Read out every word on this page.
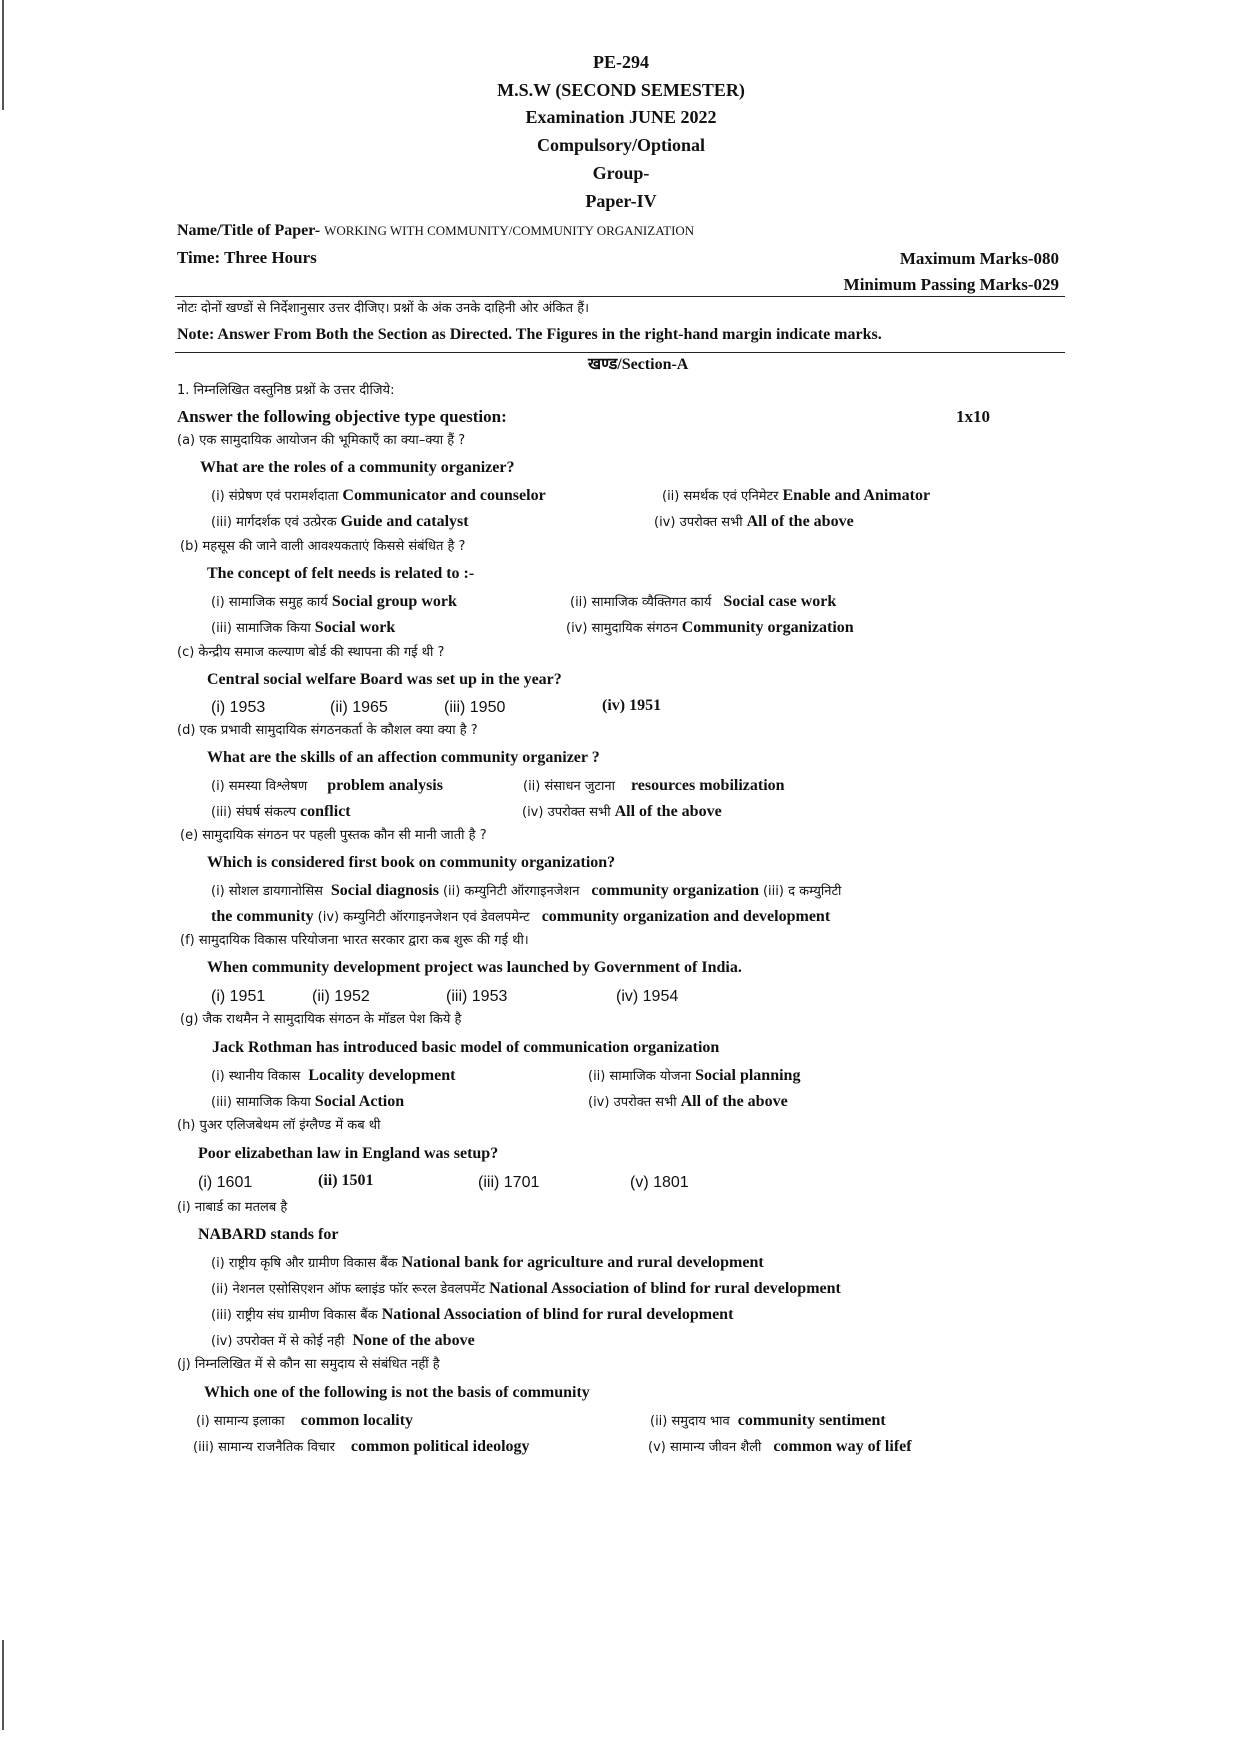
PE-294
M.S.W (SECOND SEMESTER)
Examination JUNE 2022
Compulsory/Optional
Group-
Paper-IV
Name/Title of Paper- WORKING WITH COMMUNITY/COMMUNITY ORGANIZATION
Time: Three Hours	Maximum Marks-080
Minimum Passing Marks-029
नोटः दोनों खण्डों से निर्देशानुसार उत्तर दीजिए। प्रश्नों के अंक उनके दाहिनी ओर अंकित हैं।
Note: Answer From Both the Section as Directed. The Figures in the right-hand margin indicate marks.
खण्ड/Section-A
1. निम्नलिखित वस्तुनिष्ठ प्रश्नों के उत्तर दीजिये:
Answer the following objective type question:	1x10
(a) एक सामुदायिक आयोजन की भूमिकाएँ का क्या–क्या हैं ?
What are the roles of a community organizer?
(i) संप्रेषण एवं परामर्शदाता Communicator and counselor	(ii) समर्थक एवं एनिमेटर Enable and Animator
(iii) मार्गदर्शक एवं उत्प्रेरक Guide and catalyst	(iv) उपरोक्त सभी All of the above
(b) महसूस की जाने वाली आवश्यकताएं किससे संबंधित है ?
The concept of felt needs is related to :-
(i) सामाजिक समुह कार्य Social group work	(ii) सामाजिक व्यैक्तिगत कार्य Social case work
(iii) सामाजिक किया Social work	(iv) सामुदायिक संगठन Community organization
(c) केन्द्रीय समाज कल्याण बोर्ड की स्थापना की गई थी ?
Central social welfare Board was set up in the year?
(i) 1953	(ii) 1965	(iii) 1950	(iv) 1951
(d) एक प्रभावी सामुदायिक संगठनकर्ता के कौशल क्या क्या है ?
What are the skills of an affection community organizer ?
(i) समस्या विश्लेषण problem analysis	(ii) संसाधन जुटाना resources mobilization
(iii) संघर्ष संकल्प conflict	(iv) उपरोक्त सभी All of the above
(e) सामुदायिक संगठन पर पहली पुस्तक कौन सी मानी जाती है ?
Which is considered first book on community organization?
(i) सोशल डायगानोसिस Social diagnosis (ii) कम्युनिटी ऑरगाइनजेशन community organization (iii) द कम्युनिटी
the community (iv) कम्युनिटी ऑरगाइनजेशन एवं डेवलपमेन्ट community organization and development
(f) सामुदायिक विकास परियोजना भारत सरकार द्वारा कब शुरू की गई थी।
When community development project was launched by Government of India.
(i) 1951	(ii) 1952	(iii) 1953	(iv) 1954
(g) जैक राथमैन ने सामुदायिक संगठन के मॉडल पेश किये है
Jack Rothman has introduced basic model of communication organization
(i) स्थानीय विकास Locality development	(ii) सामाजिक योजना Social planning
(iii) सामाजिक किया Social Action	(iv) उपरोक्त सभी All of the above
(h) पुअर एलिजबेथम लॉ इंग्लैण्ड में कब थी
Poor elizabethan law in England was setup?
(i) 1601	(ii) 1501	(iii) 1701	(v) 1801
(i) नाबार्ड का मतलब है
NABARD stands for
(i) राष्ट्रीय कृषि और ग्रामीण विकास बैंक National bank for agriculture and rural development
(ii) नेशनल एसोसिएशन ऑफ ब्लाइंड फॉर रूरल डेवलपमेंट National Association of blind for rural development
(iii) राष्ट्रीय संघ ग्रामीण विकास बैंक National Association of blind for rural development
(iv) उपरोक्त में से कोई नही None of the above
(j) निम्नलिखित में से कौन सा समुदाय से संबंधित नहीं है
Which one of the following is not the basis of community
(i) सामान्य इलाका common locality	(ii) समुदाय भाव community sentiment
(iii) सामान्य राजनैतिक विचार common political ideology	(v) सामान्य जीवन शैली common way of lifef
